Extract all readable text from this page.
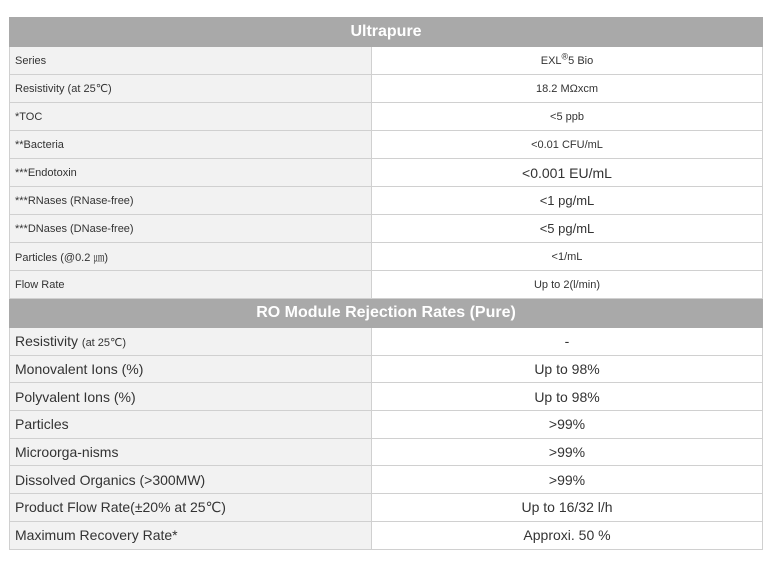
Ultrapure	
Series	EXL®5 Bio
Resistivity (at 25℃)	18.2 MΩxcm
*TOC	<5 ppb
**Bacteria	<0.01 CFU/mL
***Endotoxin	<0.001 EU/mL
***RNases (RNase-free)	<1 pg/mL
***DNases (DNase-free)	<5 pg/mL
Particles (@0.2 ㎛)	<1/mL
Flow Rate	Up to 2(l/min)
RO Module Rejection Rates (Pure)	
Resistivity (at 25℃)	-
Monovalent Ions (%)	Up to 98%
Polyvalent Ions (%)	Up to 98%
Particles	>99%
Microorga-nisms	>99%
Dissolved Organics (>300MW)	>99%
Product Flow Rate(±20% at 25℃)	Up to 16/32 l/h
Maximum Recovery Rate*	Approxi. 50 %
